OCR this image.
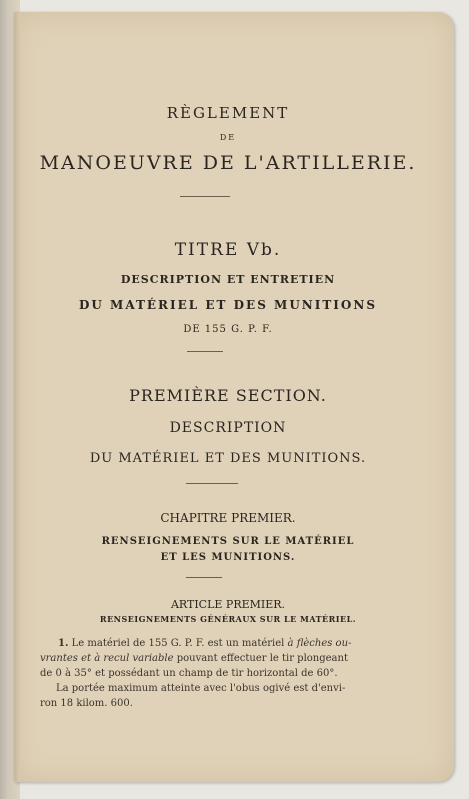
RÈGLEMENT
DE
MANOEUVRE DE L'ARTILLERIE.
TITRE Vb.
DESCRIPTION ET ENTRETIEN
DU MATÉRIEL ET DES MUNITIONS
DE 155 G. P. F.
PREMIÈRE SECTION.
DESCRIPTION
DU MATÉRIEL ET DES MUNITIONS.
CHAPITRE PREMIER.
RENSEIGNEMENTS SUR LE MATÉRIEL
ET LES MUNITIONS.
ARTICLE PREMIER.
RENSEIGNEMENTS GÉNÉRAUX SUR LE MATÉRIEL.
1. Le matériel de 155 G. P. F. est un matériel à flèches ou-
vrantes et à recul variable pouvant effectuer le tir plongeant
de 0 à 35° et possédant un champ de tir horizontal de 60°.
La portée maximum atteinte avec l'obus ogivé est d'envi-
ron 18 kilom. 600.
